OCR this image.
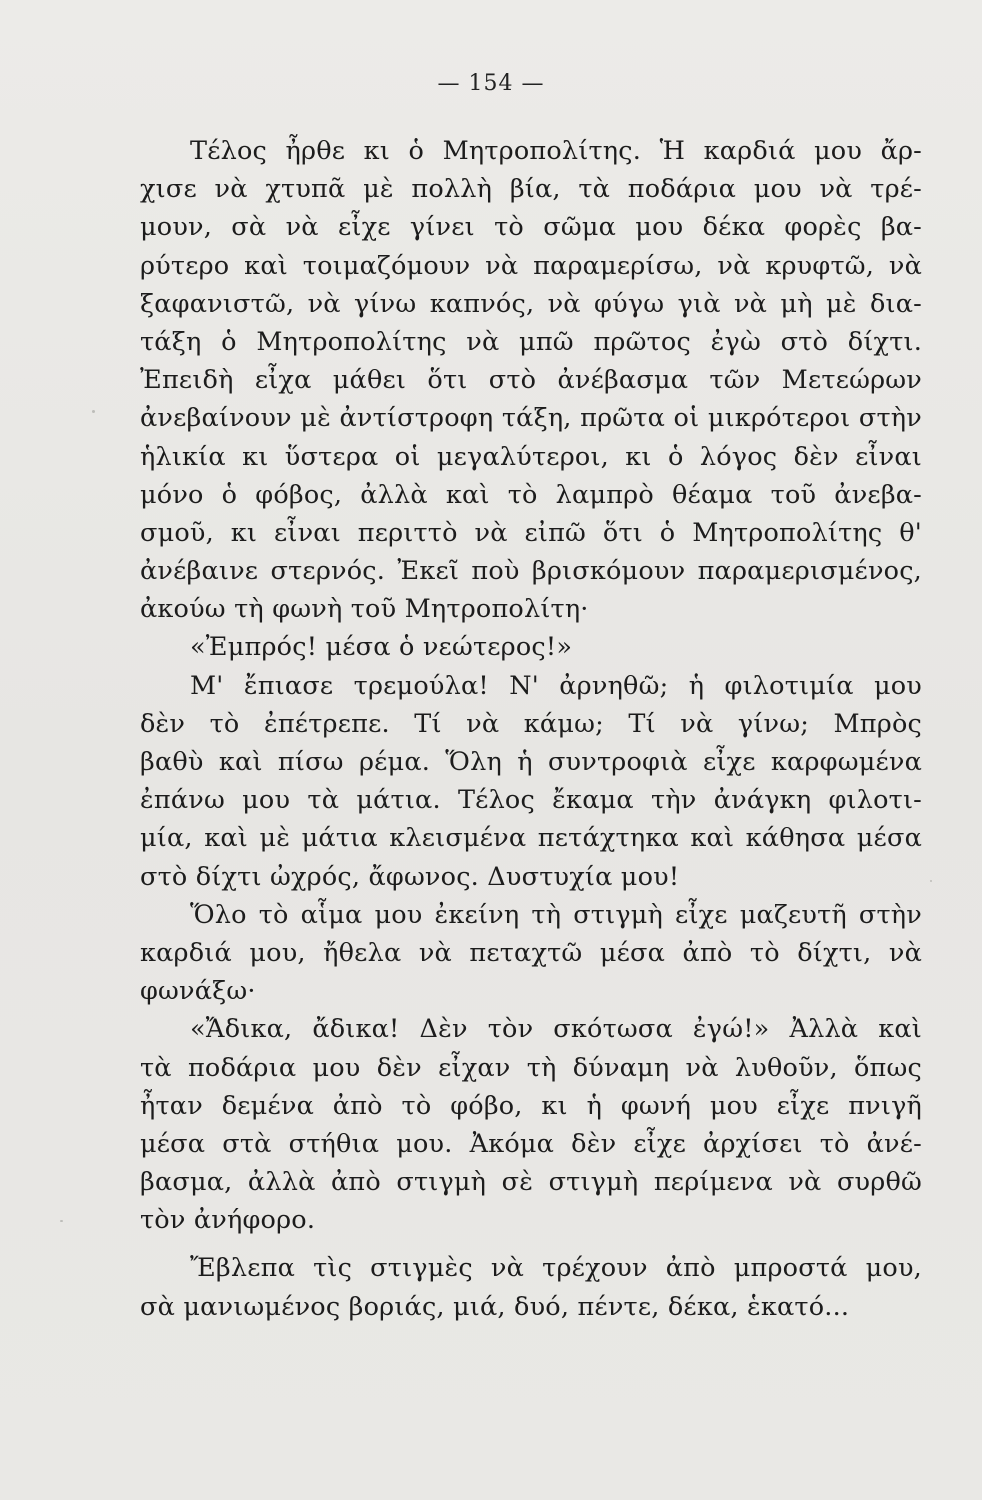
— 154 —
Τέλος ἦρθε κι ὁ Μητροπολίτης. Ἡ καρδιά μου ἄρ-
χισε νὰ χτυπᾶ μὲ πολλὴ βία, τὰ ποδάρια μου νὰ τρέ-
μουν, σὰ νὰ εἶχε γίνει τὸ σῶμα μου δέκα φορὲς βα-
ρύτερο καὶ τοιμαζόμουν νὰ παραμερίσω, νὰ κρυφτῶ, νὰ
ξαφανιστῶ, νὰ γίνω καπνός, νὰ φύγω γιὰ νὰ μὴ μὲ δια-
τάξη ὁ Μητροπολίτης νὰ μπῶ πρῶτος ἐγὼ στὸ δίχτι.
Ἐπειδὴ εἶχα μάθει ὅτι στὸ ἀνέβασμα τῶν Μετεώρων
ἀνεβαίνουν μὲ ἀντίστροφη τάξη, πρῶτα οἱ μικρότεροι στὴν
ἡλικία κι ὕστερα οἱ μεγαλύτεροι, κι ὁ λόγος δὲν εἶναι
μόνο ὁ φόβος, ἀλλὰ καὶ τὸ λαμπρὸ θέαμα τοῦ ἀνεβα-
σμοῦ, κι εἶναι περιττὸ νὰ εἰπῶ ὅτι ὁ Μητροπολίτης θ'
ἀνέβαινε στερνός. Ἐκεῖ ποὺ βρισκόμουν παραμερισμένος,
ἀκούω τὴ φωνὴ τοῦ Μητροπολίτη·
«Ἐμπρός! μέσα ὁ νεώτερος!»
Μ' ἔπιασε τρεμούλα! Ν' ἀρνηθῶ; ἡ φιλοτιμία μου
δὲν τὸ ἐπέτρεπε. Τί νὰ κάμω; Τί νὰ γίνω; Μπρὸς
βαθὺ καὶ πίσω ρέμα. Ὅλη ἡ συντροφιὰ εἶχε καρφωμένα
ἐπάνω μου τὰ μάτια. Τέλος ἔκαμα τὴν ἀνάγκη φιλοτι-
μία, καὶ μὲ μάτια κλεισμένα πετάχτηκα καὶ κάθησα μέσα
στὸ δίχτι ὠχρός, ἄφωνος. Δυστυχία μου!
Ὅλο τὸ αἷμα μου ἐκείνη τὴ στιγμὴ εἶχε μαζευτῆ στὴν
καρδιά μου, ἤθελα νὰ πεταχτῶ μέσα ἀπὸ τὸ δίχτι, νὰ
φωνάξω·
«Ἄδικα, ἄδικα! Δὲν τὸν σκότωσα ἐγώ!» Ἀλλὰ καὶ
τὰ ποδάρια μου δὲν εἶχαν τὴ δύναμη νὰ λυθοῦν, ὅπως
ἦταν δεμένα ἀπὸ τὸ φόβο, κι ἡ φωνή μου εἶχε πνιγῆ
μέσα στὰ στήθια μου. Ἀκόμα δὲν εἶχε ἀρχίσει τὸ ἀνέ-
βασμα, ἀλλὰ ἀπὸ στιγμὴ σὲ στιγμὴ περίμενα νὰ συρθῶ
τὸν ἀνήφορο.
Ἔβλεπα τὶς στιγμὲς νὰ τρέχουν ἀπὸ μπροστά μου,
σὰ μανιωμένος βοριάς, μιά, δυό, πέντε, δέκα, ἑκατό...
